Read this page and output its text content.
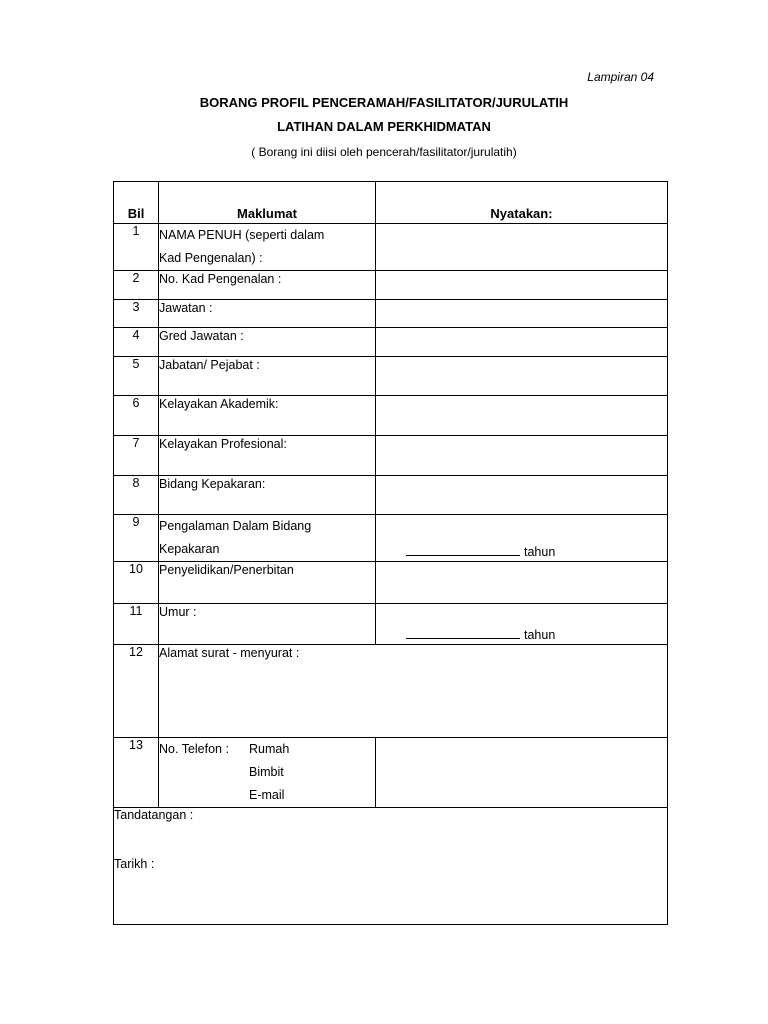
Lampiran 04
BORANG PROFIL PENCERAMAH/FASILITATOR/JURULATIH
LATIHAN DALAM PERKHIDMATAN
( Borang ini diisi oleh pencerah/fasilitator/jurulatih)
Bil	Maklumat	Nyatakan:
1	NAMA PENUH (seperti dalam
Kad Pengenalan) :	

2	No. Kad Pengenalan :	
3	Jawatan :	
4	Gred Jawatan :	
5	Jabatan/ Pejabat :	
6	Kelayakan Akademik:	
7	Kelayakan Profesional:	
8	Bidang Kepakaran:	
9	Pengalaman Dalam Bidang
Kepakaran	tahun

10	Penyelidikan/Penerbitan	
11	Umur :	tahun

12	Alamat surat - menyurat :	
13	No. Telefon : Rumah
Bimbit
E-mail	

Tandatangan :
Tarikh :		
